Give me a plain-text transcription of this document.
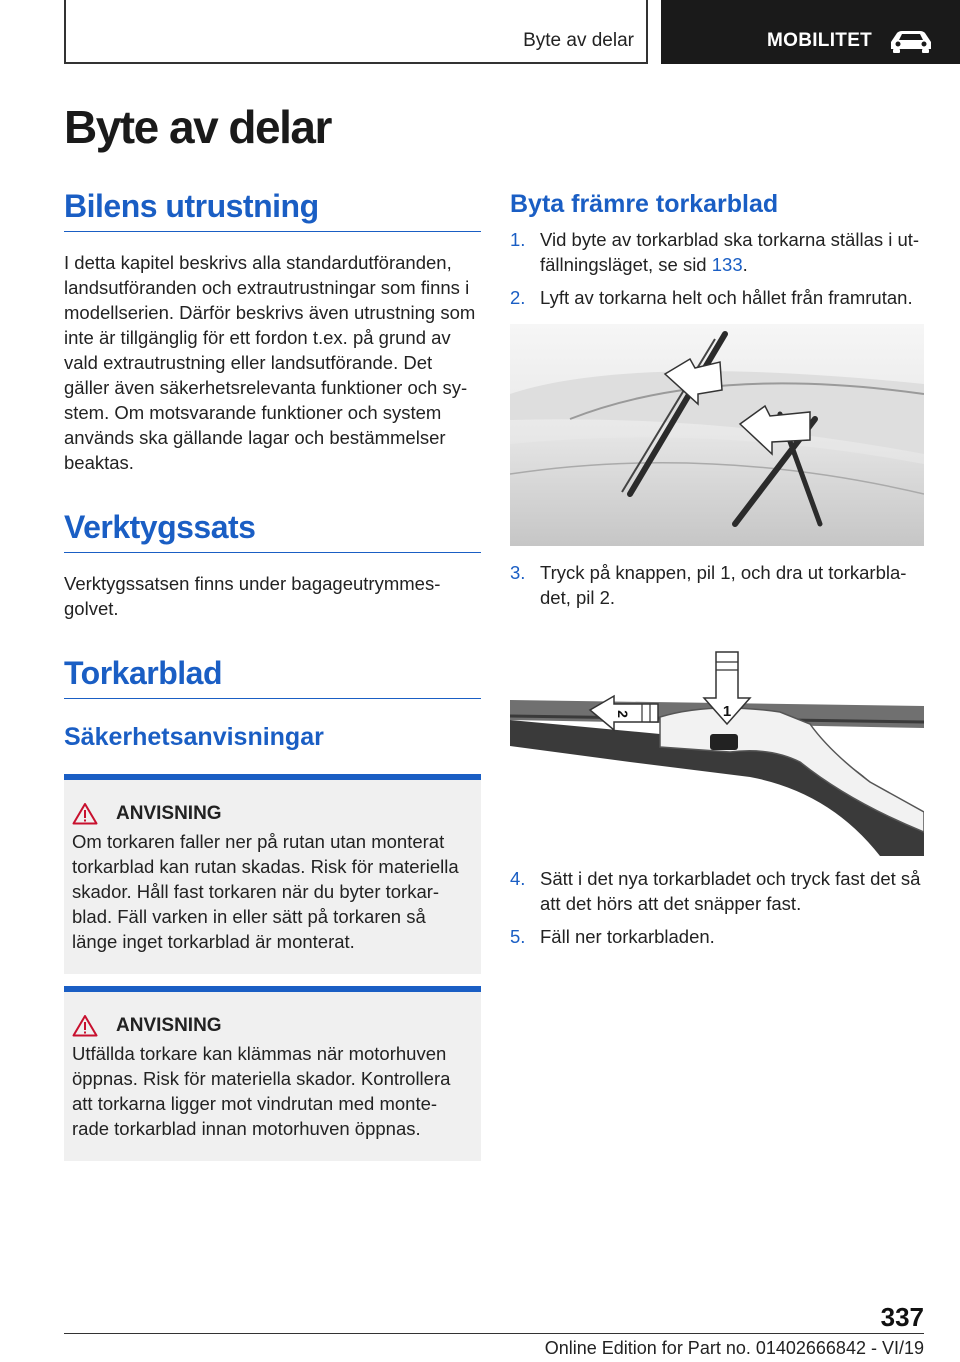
Byte av delar	MOBILITET
Byte av delar
Bilens utrustning

I detta kapitel beskrivs alla standardutföranden, landsutföranden och extrautrustningar som finns i modellserien. Därför beskrivs även utrustning som inte är tillgänglig för ett fordon t.ex. på grund av vald extrautrustning eller landsutförande. Det gäller även säkerhetsrelevanta funktioner och sy‐ stem. Om motsvarande funktioner och system används ska gällande lagar och bestämmelser beaktas.

Verktygssats

Verktygssatsen finns under bagageutrymmes‐ golvet.

Torkarblad
Säkerhetsanvisningar
ANVISNING

Om torkaren faller ner på rutan utan monterat torkarblad kan rutan skadas. Risk för materiella skador. Håll fast torkaren när du byter torkar‐ blad. Fäll varken in eller sätt på torkaren så länge inget torkarblad är monterat.

ANVISNING

Utfällda torkare kan klämmas när motorhuven öppnas. Risk för materiella skador. Kontrollera att torkarna ligger mot vindrutan med monte‐ rade torkarblad innan motorhuven öppnas.

Byta främre torkarblad
1. Vid byte av torkarblad ska torkarna ställas i ut‐ fällningsläget, se sid 133.
2. Lyft av torkarna helt och hållet från framrutan.
3. Tryck på knappen, pil 1, och dra ut torkarbla‐ det, pil 2.
1
2
4. Sätt i det nya torkarbladet och tryck fast det så att det hörs att det snäpper fast.
5. Fäll ner torkarbladen.
337
Online Edition for Part no. 01402666842 - VI/19
